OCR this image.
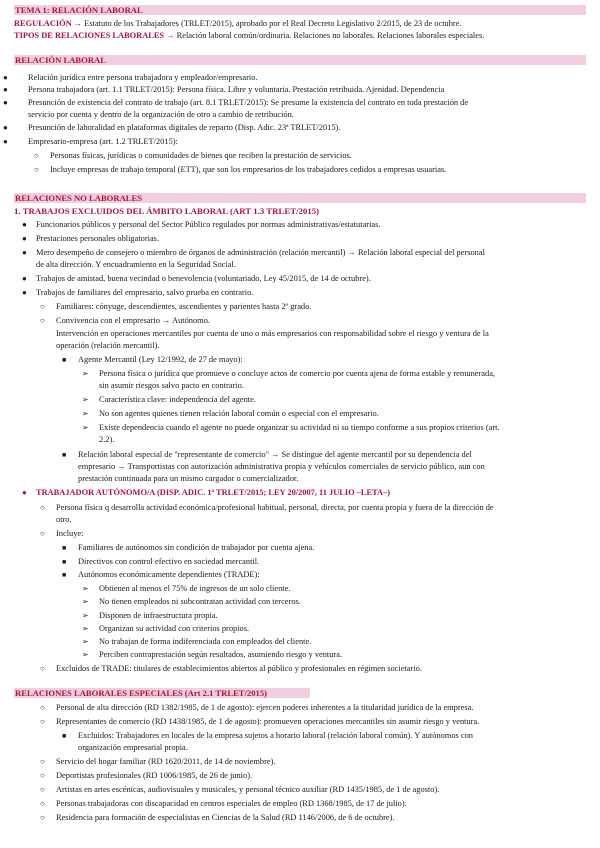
TEMA 1: RELACIÓN LABORAL
REGULACIÓN → Estatuto de los Trabajadores (TRLET/2015), aprobado por el Real Decreto Legislativo 2/2015, de 23 de octubre.
TIPOS DE RELACIONES LABORALES → Relación laboral común/ordinaria. Relaciones no laborales. Relaciones laborales especiales.
RELACIÓN LABORAL
● Relación jurídica entre persona trabajadora y empleador/empresario.
● Persona trabajadora (art. 1.1 TRLET/2015): Persona física. Libre y voluntaria. Prestación retribuida. Ajenidad. Dependencia
● Presunción de existencia del contrato de trabajo (art. 8.1 TRLET/2015): Se presume la existencia del contrato en toda prestación de
servicio por cuenta y dentro de la organización de otro a cambio de retribución.
● Presunción de laboralidad en plataformas digitales de reparto (Disp. Adic. 23ª TRLET/2015).
● Empresario-empresa (art. 1.2 TRLET/2015):
○ Personas físicas, jurídicas o comunidades de bienes que reciben la prestación de servicios.
○ Incluye empresas de trabajo temporal (ETT), que son los empresarios de los trabajadores cedidos a empresas usuarias.
RELACIONES NO LABORALES
1. TRABAJOS EXCLUIDOS DEL ÁMBITO LABORAL (ART 1.3 TRLET/2015)
● Funcionarios públicos y personal del Sector Público regulados por normas administrativas/estatutarias.
● Prestaciones personales obligatorias.
● Mero desempeño de consejero o miembro de órganos de administración (relación mercantil) → Relación laboral especial del personal
de alta dirección. Y encuadramiento en la Seguridad Social.
● Trabajos de amistad, buena vecindad o benevolencia (voluntariado, Ley 45/2015, de 14 de octubre).
● Trabajos de familiares del empresario, salvo prueba en contrario.
○ Familiares: cónyuge, descendientes, ascendientes y parientes hasta 2º grado.
○ Convivencia con el empresario → Autónomo.
Intervención en operaciones mercantiles por cuenta de uno o más empresarios con responsabilidad sobre el riesgo y ventura de la
operación (relación mercantil).
■ Agente Mercantil (Ley 12/1992, de 27 de mayo):
➢ Persona física o jurídica que promueve o concluye actos de comercio por cuenta ajena de forma estable y remunerada,
sin asumir riesgos salvo pacto en contrario.
➢ Característica clave: independencia del agente.
➢ No son agentes quienes tienen relación laboral común o especial con el empresario.
➢ Existe dependencia cuando el agente no puede organizar su actividad ni su tiempo conforme a sus propios criterios (art.
2.2).
■ Relación laboral especial de "representante de comercio" → Se distingue del agente mercantil por su dependencia del
empresario → Transportistas con autorización administrativa propia y vehículos comerciales de servicio público, aun con
prestación continuada para un mismo cargador o comercializador.
● TRABAJADOR AUTÓNOMO/A (DISP. ADIC. 1ª TRLET/2015; LEY 20/2007, 11 JULIO –LETA–)
○ Persona física q desarrolla actividad económica/profesional habitual, personal, directa, por cuenta propia y fuera de la dirección de
otro.
○ Incluye:
■ Familiares de autónomos sin condición de trabajador por cuenta ajena.
■ Directivos con control efectivo en sociedad mercantil.
■ Autónomos económicamente dependientes (TRADE):
➢ Obtienen al menos el 75% de ingresos de un solo cliente.
➢ No tienen empleados ni subcontratan actividad con terceros.
➢ Disponen de infraestructura propia.
➢ Organizan su actividad con criterios propios.
➢ No trabajan de forma indiferenciada con empleados del cliente.
➢ Perciben contraprestación según resultados, asumiendo riesgo y ventura.
○ Excluidos de TRADE: titulares de establecimientos abiertos al público y profesionales en régimen societario.
RELACIONES LABORALES ESPECIALES (Art 2.1 TRLET/2015)
○ Personal de alta dirección (RD 1382/1985, de 1 de agosto): ejercen poderes inherentes a la titularidad jurídica de la empresa.
○ Representantes de comercio (RD 1438/1985, de 1 de agosto): promueven operaciones mercantiles sin asumir riesgo y ventura.
■ Excluidos: Trabajadores en locales de la empresa sujetos a horario laboral (relación laboral común). Y autónomos con
organización empresarial propia.
○ Servicio del hogar familiar (RD 1620/2011, de 14 de noviembre).
○ Deportistas profesionales (RD 1006/1985, de 26 de junio).
○ Artistas en artes escénicas, audiovisuales y musicales, y personal técnico auxiliar (RD 1435/1985, de 1 de agosto).
○ Personas trabajadoras con discapacidad en centros especiales de empleo (RD 1368/1985, de 17 de julio).
○ Residencia para formación de especialistas en Ciencias de la Salud (RD 1146/2006, de 6 de octubre).
